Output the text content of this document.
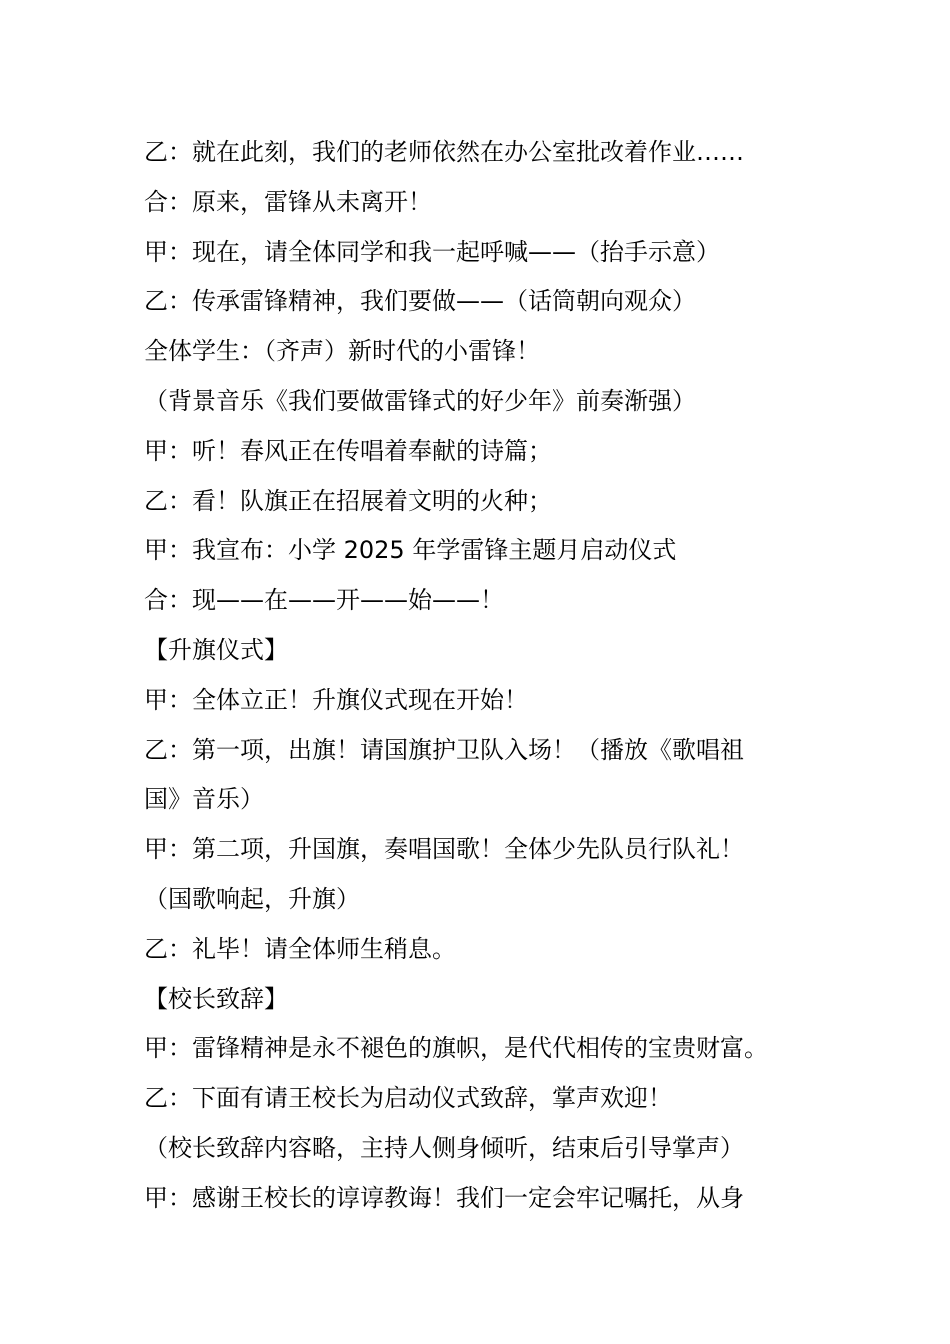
乙：就在此刻，我们的老师依然在办公室批改着作业……
合：原来，雷锋从未离开！
甲：现在，请全体同学和我一起呼喊——（抬手示意）
乙：传承雷锋精神，我们要做——（话筒朝向观众）
全体学生：（齐声）新时代的小雷锋！
（背景音乐《我们要做雷锋式的好少年》前奏渐强）
甲：听！春风正在传唱着奉献的诗篇；
乙：看！队旗正在招展着文明的火种；
甲：我宣布：小学 2025 年学雷锋主题月启动仪式
合：现——在——开——始——！
【升旗仪式】
甲：全体立正！升旗仪式现在开始！
乙：第一项，出旗！请国旗护卫队入场！（播放《歌唱祖
国》音乐）
甲：第二项，升国旗，奏唱国歌！全体少先队员行队礼！
（国歌响起，升旗）
乙：礼毕！请全体师生稍息。
【校长致辞】
甲：雷锋精神是永不褪色的旗帜，是代代相传的宝贵财富。
乙：下面有请王校长为启动仪式致辞，掌声欢迎！
（校长致辞内容略，主持人侧身倾听，结束后引导掌声）
甲：感谢王校长的谆谆教诲！我们一定会牢记嘱托，从身
